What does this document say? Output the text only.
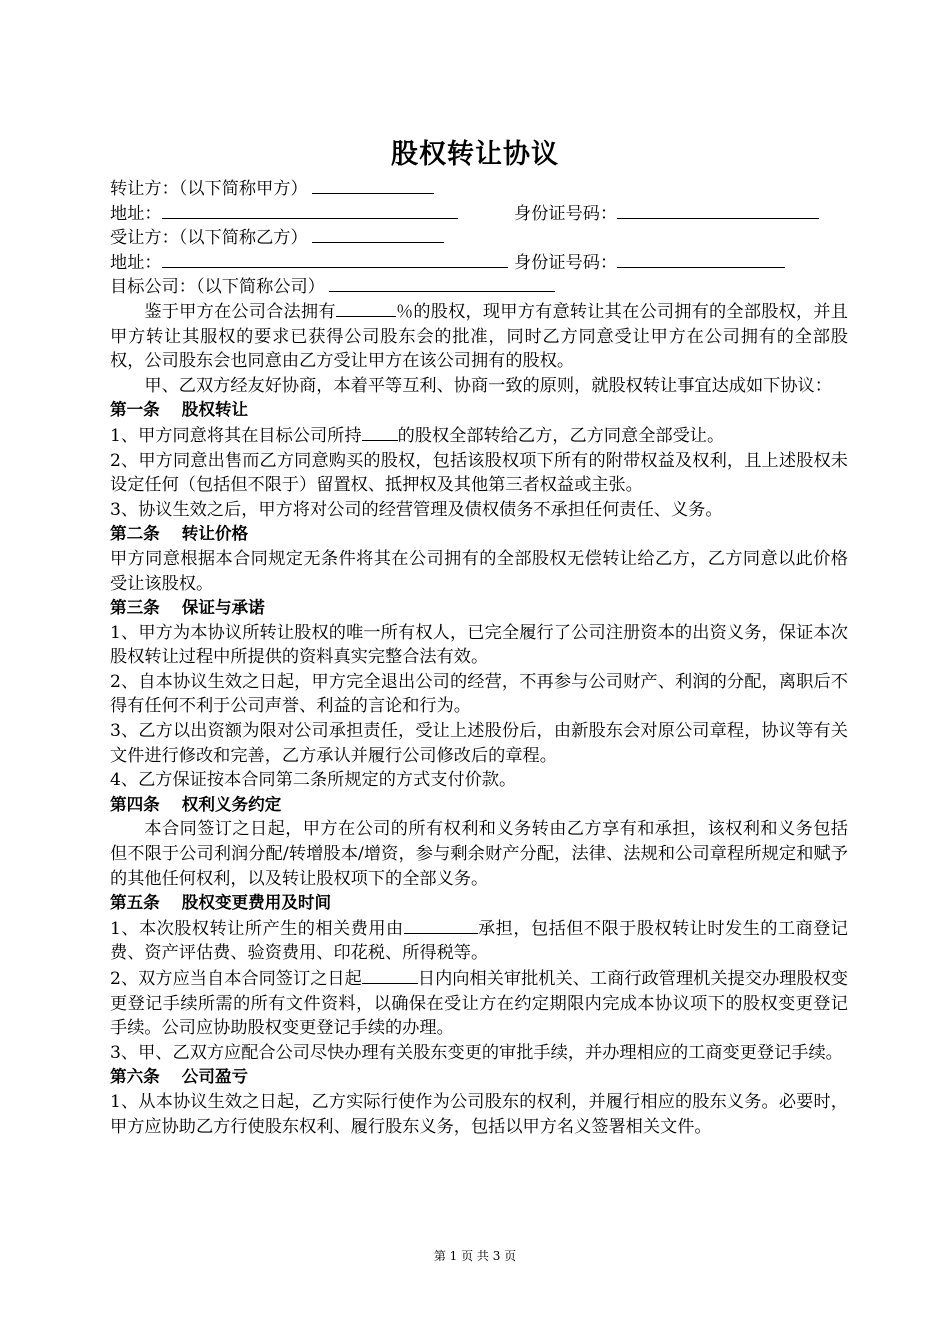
股权转让协议
转让方：（以下简称甲方）
地址：	身份证号码：
受让方：（以下简称乙方）
地址：	身份证号码：
目标公司：（以下简称公司）
鉴于甲方在公司合法拥有	％的股权，现甲方有意转让其在公司拥有的全部股权，并且甲方转让其服权的要求已获得公司股东会的批准，同时乙方同意受让甲方在公司拥有的全部股权，公司股东会也同意由乙方受让甲方在该公司拥有的股权。
甲、乙双方经友好协商，本着平等互利、协商一致的原则，就股权转让事宜达成如下协议：
第一条 股权转让
1、甲方同意将其在目标公司所持 的股权全部转给乙方，乙方同意全部受让。
2、甲方同意出售而乙方同意购买的股权，包括该股权项下所有的附带权益及权利，且上述股权未设定任何（包括但不限于）留置权、抵押权及其他第三者权益或主张。
3、协议生效之后，甲方将对公司的经营管理及债权债务不承担任何责任、义务。
第二条 转让价格
甲方同意根据本合同规定无条件将其在公司拥有的全部股权无偿转让给乙方，乙方同意以此价格受让该股权。
第三条 保证与承诺
1、甲方为本协议所转让股权的唯一所有权人，已完全履行了公司注册资本的出资义务，保证本次股权转让过程中所提供的资料真实完整合法有效。
2、自本协议生效之日起，甲方完全退出公司的经营，不再参与公司财产、利润的分配，离职后不得有任何不利于公司声誉、利益的言论和行为。
3、乙方以出资额为限对公司承担责任，受让上述股份后，由新股东会对原公司章程，协议等有关文件进行修改和完善，乙方承认并履行公司修改后的章程。
4、乙方保证按本合同第二条所规定的方式支付价款。
第四条 权利义务约定
本合同签订之日起，甲方在公司的所有权利和义务转由乙方享有和承担，该权利和义务包括但不限于公司利润分配/转增股本/增资，参与剩余财产分配，法律、法规和公司章程所规定和赋予的其他任何权利，以及转让股权项下的全部义务。
第五条 股权变更费用及时间
1、本次股权转让所产生的相关费用由	承担，包括但不限于股权转让时发生的工商登记费、资产评估费、验资费用、印花税、所得税等。
2、双方应当自本合同签订之日起	日内向相关审批机关、工商行政管理机关提交办理股权变更登记手续所需的所有文件资料，以确保在受让方在约定期限内完成本协议项下的股权变更登记手续。公司应协助股权变更登记手续的办理。
3、甲、乙双方应配合公司尽快办理有关股东变更的审批手续，并办理相应的工商变更登记手续。
第六条 公司盈亏
1、从本协议生效之日起，乙方实际行使作为公司股东的权利，并履行相应的股东义务。必要时，甲方应协助乙方行使股东权利、履行股东义务，包括以甲方名义签署相关文件。
第 1 页 共 3 页
